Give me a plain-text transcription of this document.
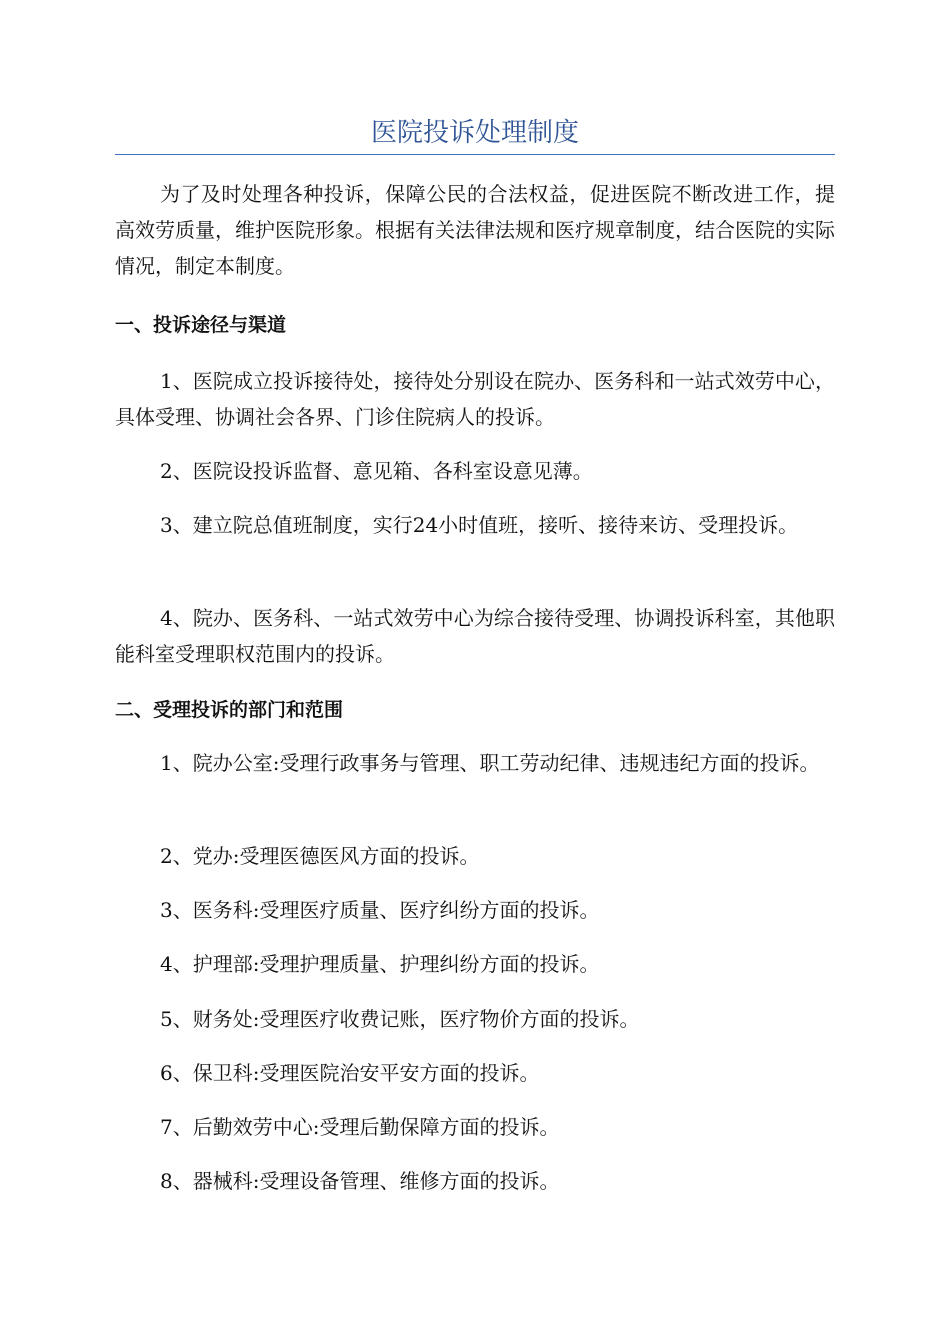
医院投诉处理制度

为了及时处理各种投诉，保障公民的合法权益，促进医院不断改进工作，提高效劳质量，维护医院形象。根据有关法律法规和医疗规章制度，结合医院的实际情况，制定本制度。

一、投诉途径与渠道

1、医院成立投诉接待处，接待处分别设在院办、医务科和一站式效劳中心，具体受理、协调社会各界、门诊住院病人的投诉。

2、医院设投诉监督、意见箱、各科室设意见薄。

3、建立院总值班制度，实行24小时值班，接听、接待来访、受理投诉。

4、院办、医务科、一站式效劳中心为综合接待受理、协调投诉科室，其他职能科室受理职权范围内的投诉。

二、受理投诉的部门和范围

1、院办公室:受理行政事务与管理、职工劳动纪律、违规违纪方面的投诉。

2、党办:受理医德医风方面的投诉。

3、医务科:受理医疗质量、医疗纠纷方面的投诉。

4、护理部:受理护理质量、护理纠纷方面的投诉。

5、财务处:受理医疗收费记账，医疗物价方面的投诉。

6、保卫科:受理医院治安平安方面的投诉。

7、后勤效劳中心:受理后勤保障方面的投诉。

8、器械科:受理设备管理、维修方面的投诉。
